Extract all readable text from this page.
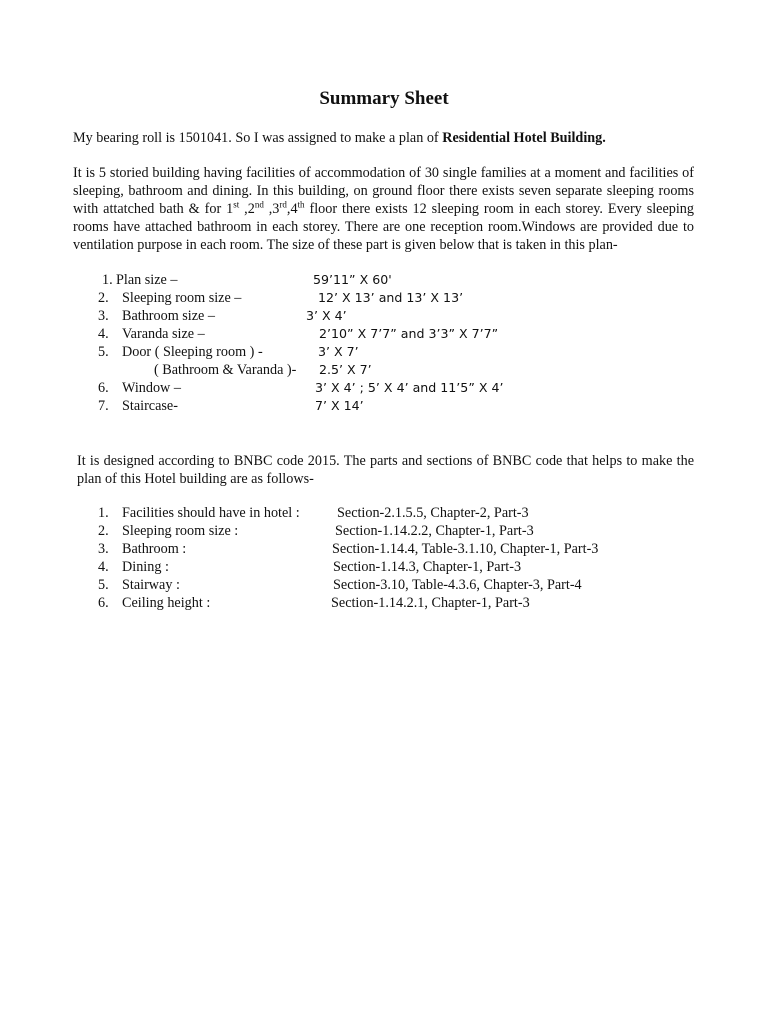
Summary Sheet
My bearing roll is 1501041. So I was assigned to make a plan of Residential Hotel Building.
It is 5 storied building having facilities of accommodation of 30 single families at a moment and facilities of sleeping, bathroom and dining. In this building, on ground floor there exists seven separate sleeping rooms with attatched bath & for 1st ,2nd ,3rd,4th floor there exists 12 sleeping room in each storey. Every sleeping rooms have attached bathroom in each storey. There are one reception room.Windows are provided due to ventilation purpose in each room. The size of these part is given below that is taken in this plan-
1. Plan size –	59’11” X 60'
2. Sleeping room size –	12’ X 13’ and 13’ X 13’
3. Bathroom size –	3’ X 4’
4. Varanda size –	2’10” X 7’7” and 3’3” X 7’7”
5. Door ( Sleeping room ) -	3’ X 7’
( Bathroom & Varanda )- 2.5’ X 7’
6. Window –	3’ X 4’ ; 5’ X 4’ and 11’5” X 4’
7. Staircase-	7’ X 14’
It is designed according to BNBC code 2015. The parts and sections of BNBC code that helps to make the plan of this Hotel building are as follows-
1. Facilities should have in hotel :	Section-2.1.5.5, Chapter-2, Part-3
2. Sleeping room size :	Section-1.14.2.2, Chapter-1, Part-3
3. Bathroom :	Section-1.14.4, Table-3.1.10, Chapter-1, Part-3
4. Dining :	Section-1.14.3, Chapter-1, Part-3
5. Stairway :	Section-3.10, Table-4.3.6, Chapter-3, Part-4
6. Ceiling height :	Section-1.14.2.1, Chapter-1, Part-3
